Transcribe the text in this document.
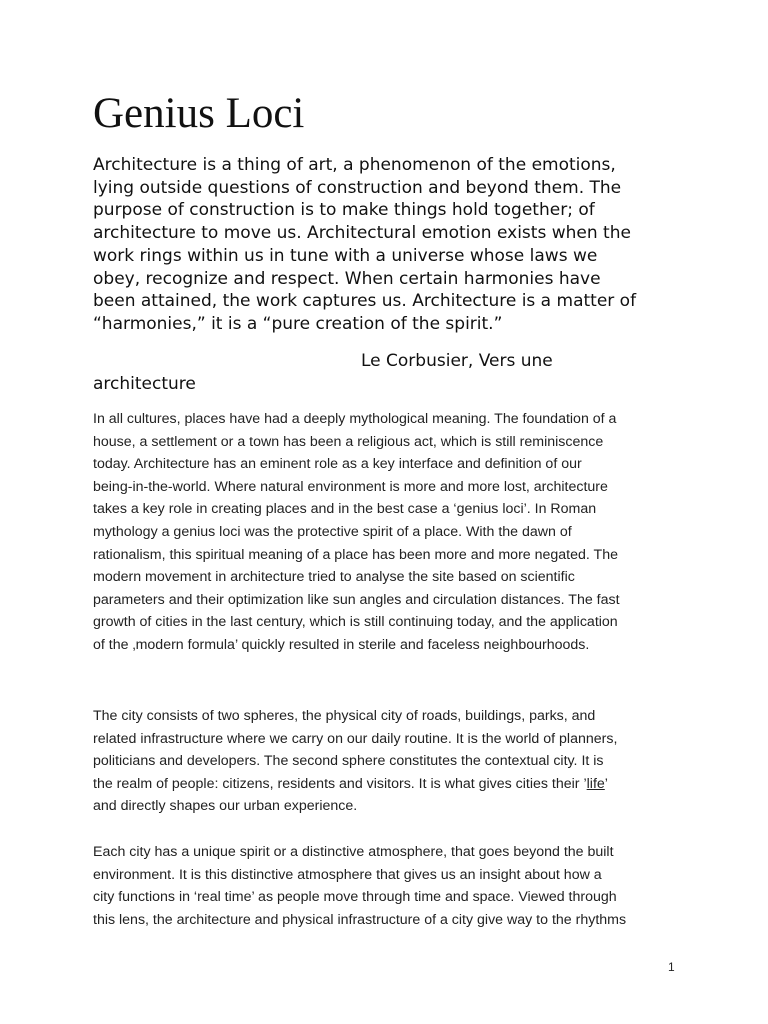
Genius Loci
Architecture is a thing of art, a phenomenon of the emotions,
lying outside questions of construction and beyond them. The
purpose of construction is to make things hold together; of
architecture to move us. Architectural emotion exists when the
work rings within us in tune with a universe whose laws we
obey, recognize and respect. When certain harmonies have
been attained, the work captures us. Architecture is a matter of
“harmonies,” it is a “pure creation of the spirit.”
Le Corbusier, Vers une
architecture
In all cultures, places have had a deeply mythological meaning. The foundation of a
house, a settlement or a town has been a religious act, which is still reminiscence
today. Architecture has an eminent role as a key interface and definition of our
being-in-the-world. Where natural environment is more and more lost, architecture
takes a key role in creating places and in the best case a ‘genius loci’. In Roman
mythology a genius loci was the protective spirit of a place. With the dawn of
rationalism, this spiritual meaning of a place has been more and more negated. The
modern movement in architecture tried to analyse the site based on scientific
parameters and their optimization like sun angles and circulation distances. The fast
growth of cities in the last century, which is still continuing today, and the application
of the ‚modern formula’ quickly resulted in sterile and faceless neighbourhoods.
The city consists of two spheres, the physical city of roads, buildings, parks, and
related infrastructure where we carry on our daily routine. It is the world of planners,
politicians and developers. The second sphere constitutes the contextual city. It is
the realm of people: citizens, residents and visitors. It is what gives cities their ’life’
and directly shapes our urban experience.
Each city has a unique spirit or a distinctive atmosphere, that goes beyond the built
environment. It is this distinctive atmosphere that gives us an insight about how a
city functions in ‘real time’ as people move through time and space. Viewed through
this lens, the architecture and physical infrastructure of a city give way to the rhythms
1
